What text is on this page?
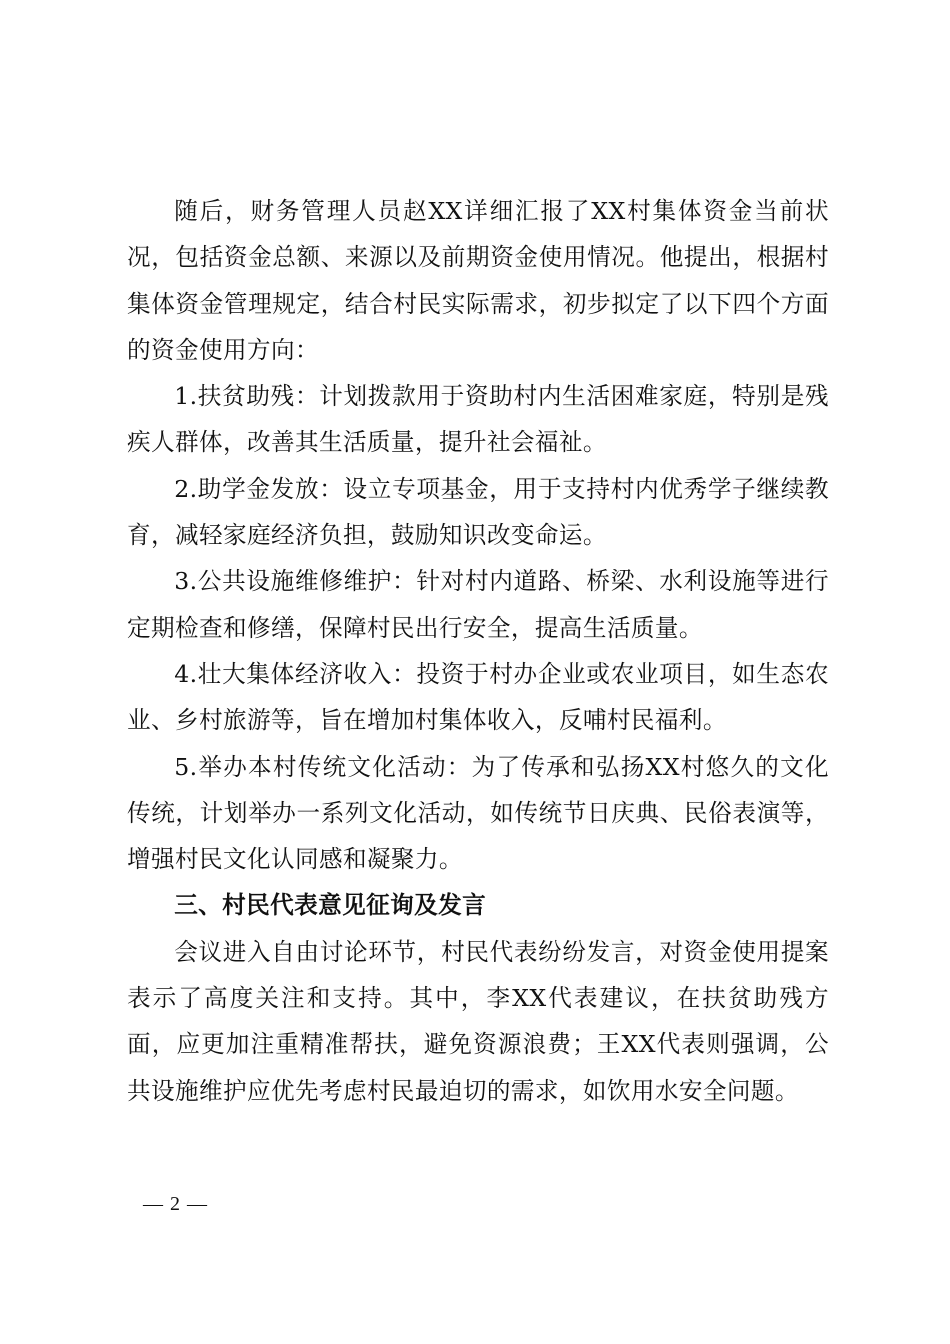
随后，财务管理人员赵XX详细汇报了XX村集体资金当前状况，包括资金总额、来源以及前期资金使用情况。他提出，根据村集体资金管理规定，结合村民实际需求，初步拟定了以下四个方面的资金使用方向：

1.扶贫助残：计划拨款用于资助村内生活困难家庭，特别是残疾人群体，改善其生活质量，提升社会福祉。

2.助学金发放：设立专项基金，用于支持村内优秀学子继续教育，减轻家庭经济负担，鼓励知识改变命运。

3.公共设施维修维护：针对村内道路、桥梁、水利设施等进行定期检查和修缮，保障村民出行安全，提高生活质量。

4.壮大集体经济收入：投资于村办企业或农业项目，如生态农业、乡村旅游等，旨在增加村集体收入，反哺村民福利。

5.举办本村传统文化活动：为了传承和弘扬XX村悠久的文化传统，计划举办一系列文化活动，如传统节日庆典、民俗表演等，增强村民文化认同感和凝聚力。

三、村民代表意见征询及发言

会议进入自由讨论环节，村民代表纷纷发言，对资金使用提案表示了高度关注和支持。其中，李XX代表建议，在扶贫助残方面，应更加注重精准帮扶，避免资源浪费；王XX代表则强调，公共设施维护应优先考虑村民最迫切的需求，如饮用水安全问题。

— 2 —
